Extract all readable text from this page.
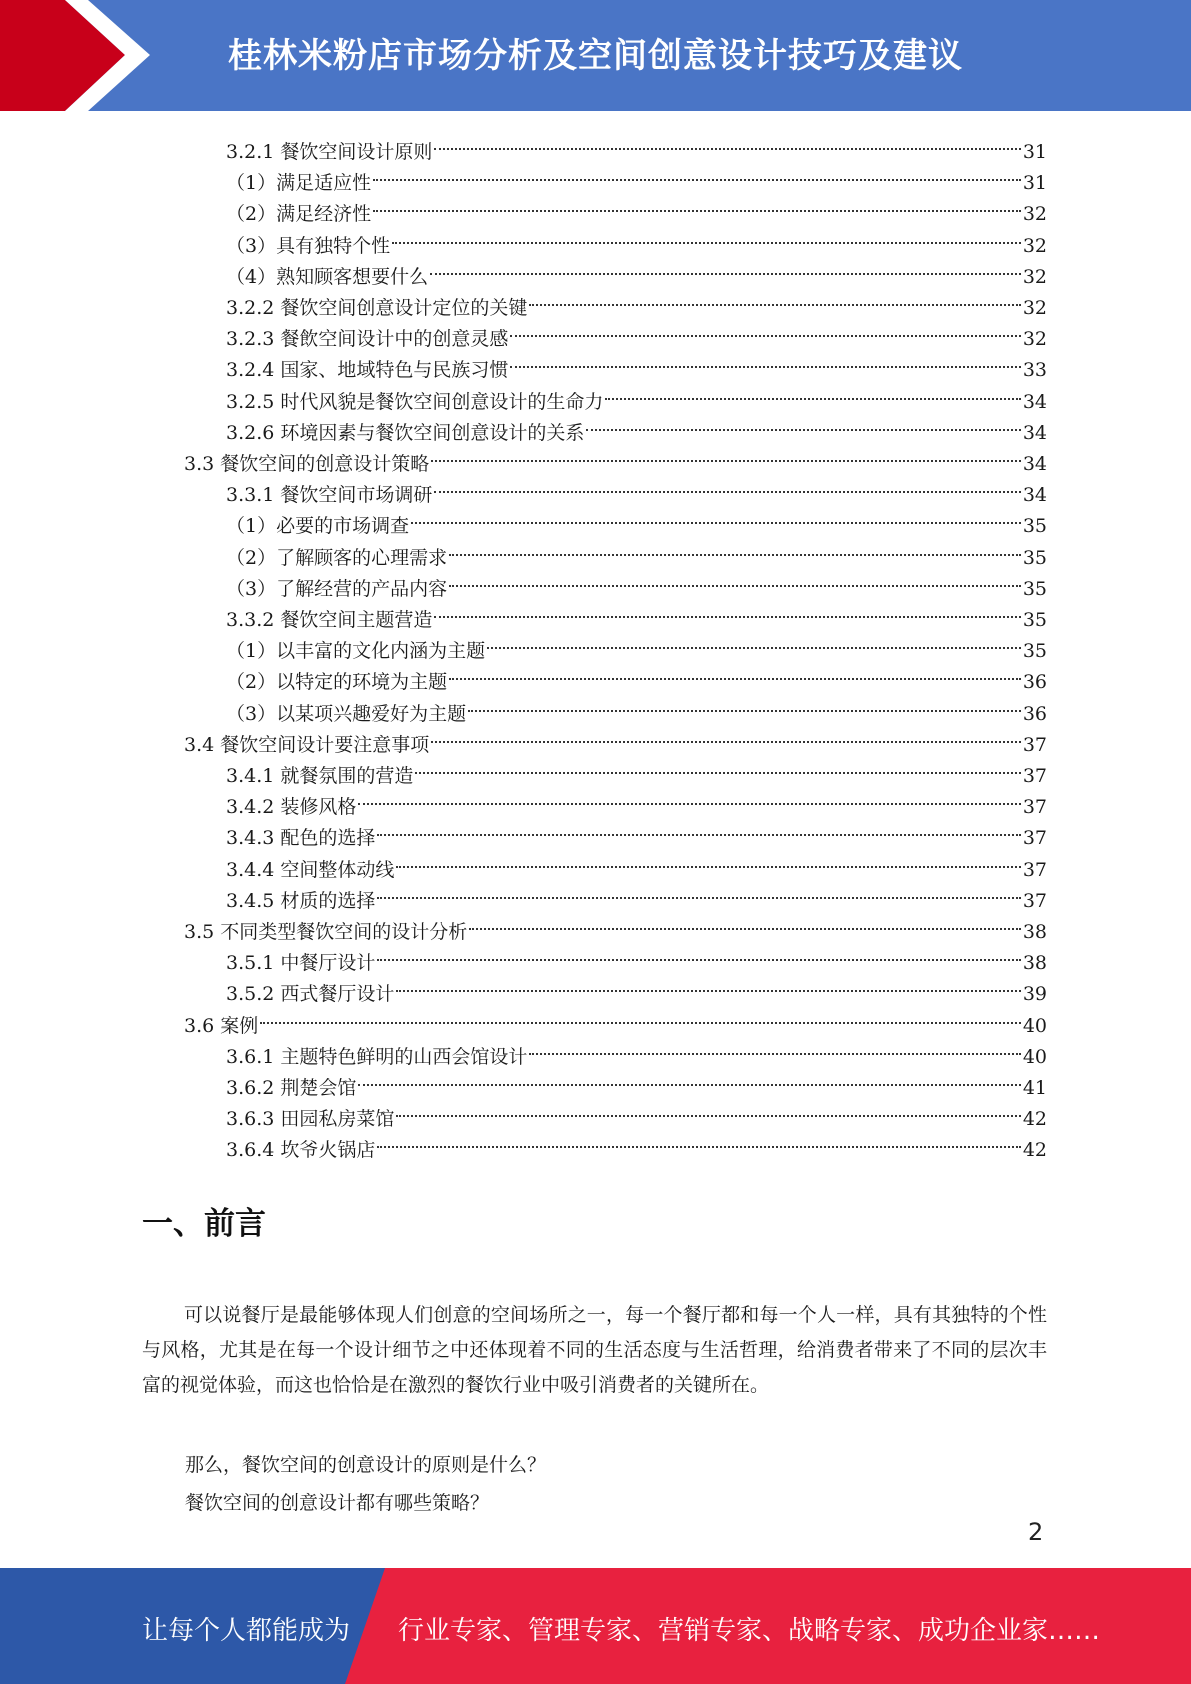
桂林米粉店市场分析及空间创意设计技巧及建议
3.2.1 餐饮空间设计原则	31
（1）满足适应性	31
（2）满足经济性	32
（3）具有独特个性	32
（4）熟知顾客想要什么	32
3.2.2 餐饮空间创意设计定位的关键	32
3.2.3 餐飲空间设计中的创意灵感	32
3.2.4 国家、地域特色与民族习惯	33
3.2.5 时代风貌是餐饮空间创意设计的生命力	34
3.2.6 环境因素与餐饮空间创意设计的关系	34
3.3 餐饮空间的创意设计策略	34
3.3.1 餐饮空间市场调研	34
（1）必要的市场调查	35
（2）了解顾客的心理需求	35
（3）了解经营的产品内容	35
3.3.2 餐饮空间主题营造	35
（1）以丰富的文化内涵为主题	35
（2）以特定的环境为主题	36
（3）以某项兴趣爱好为主题	36
3.4 餐饮空间设计要注意事项	37
3.4.1 就餐氛围的营造	37
3.4.2 装修风格	37
3.4.3 配色的选择	37
3.4.4 空间整体动线	37
3.4.5 材质的选择	37
3.5 不同类型餐饮空间的设计分析	38
3.5.1 中餐厅设计	38
3.5.2 西式餐厅设计	39
3.6 案例	40
3.6.1 主题特色鲜明的山西会馆设计	40
3.6.2 荆楚会馆	41
3.6.3 田园私房菜馆	42
3.6.4 坎爷火锅店	42
一、前言
可以说餐厅是最能够体现人们创意的空间场所之一，每一个餐厅都和每一个人一样，具有其独特的个性与风格，尤其是在每一个设计细节之中还体现着不同的生活态度与生活哲理，给消费者带来了不同的层次丰富的视觉体验，而这也恰恰是在激烈的餐饮行业中吸引消费者的关键所在。
那么，餐饮空间的创意设计的原则是什么？
餐饮空间的创意设计都有哪些策略？
2
让每个人都能成为 行业专家、管理专家、营销专家、战略专家、成功企业家……
